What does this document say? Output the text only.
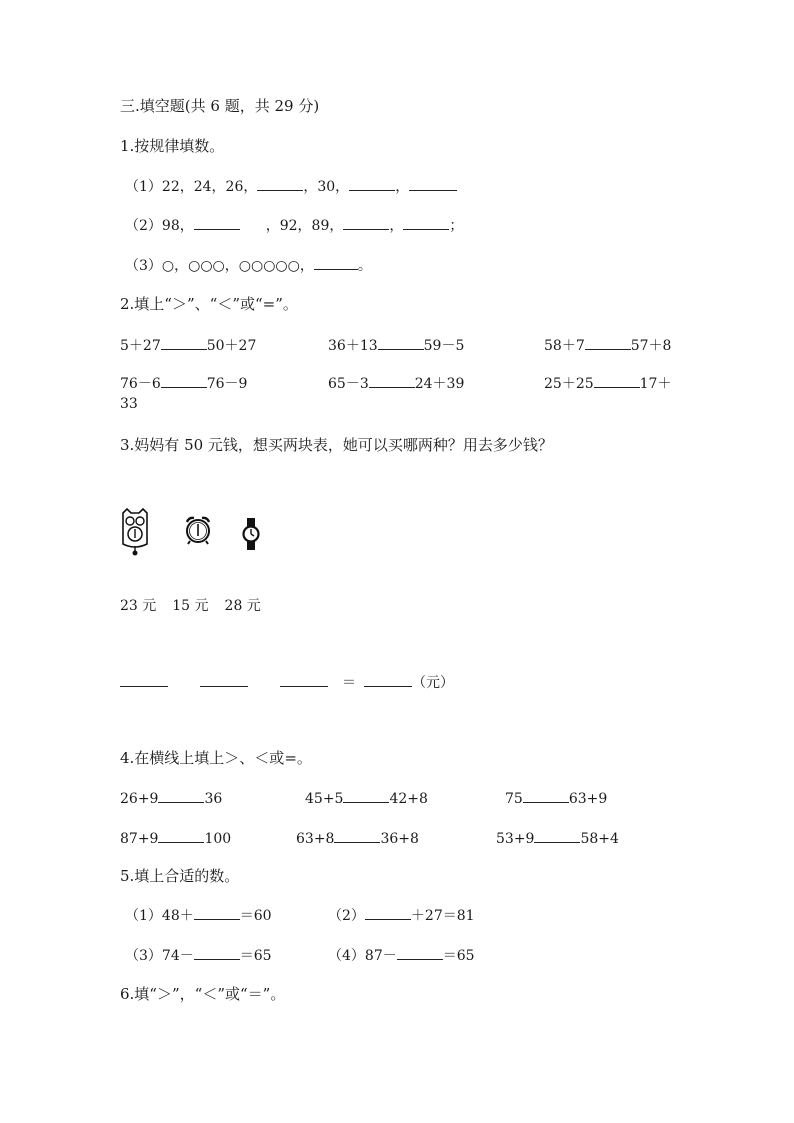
三.填空题(共 6 题，共 29 分)
1.按规律填数。
（1）22，24，26，	，30，	，
（2）98，	，92，89，	，	；
（3）○，○○○，○○○○○，	。
2.填上“＞”、“＜”或“=”。
5＋27	50＋27	36＋13	59－5	58＋7	57＋8
76－6	76－9	65－3	24＋39	25＋25	17＋
33
3.妈妈有 50 元钱，想买两块表，她可以买哪两种？用去多少钱？
23 元 15 元 28 元
＝	（元）
4.在横线上填上＞、＜或=。
26+9	36	45+5	42+8	75	63+9
87+9	100	63+8	36+8	53+9	58+4
5.填上合适的数。
（1）48＋	＝60	（2）	＋27＝81
（3）74－	＝65	（4）87－	＝65
6.填“＞”，“＜”或“＝”。
